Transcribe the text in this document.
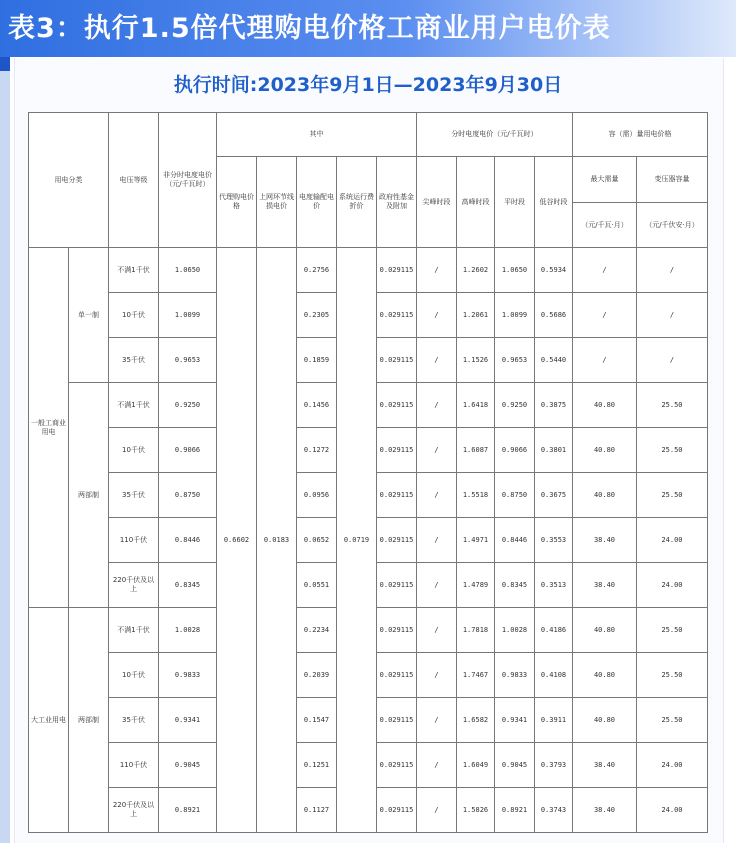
表3：执行1.5倍代理购电价格工商业用户电价表
执行时间:2023年9月1日—2023年9月30日
用电分类		电压等级	非分时电度电价（元/千瓦时）	其中					分时电度电价（元/千瓦时）				容（需）量用电价格	
				代理购电价格	上网环节线损电价	电度输配电价	系统运行费折价	政府性基金及附加	尖峰时段	高峰时段	平时段	低谷时段	最大需量	变压器容量
													（元/千瓦·月）	（元/千伏安·月）
一般工商业用电	单一制	不满1千伏	1.0650	0.6602	0.0183	0.2756	0.0719	0.029115	/	1.2602	1.0650	0.5934	/	/
		10千伏	1.0099			0.2305		0.029115	/	1.2061	1.0099	0.5686	/	/
		35千伏	0.9653			0.1859		0.029115	/	1.1526	0.9653	0.5440	/	/
	两部制	不满1千伏	0.9250			0.1456		0.029115	/	1.6418	0.9250	0.3875	40.80	25.50
		10千伏	0.9066			0.1272		0.029115	/	1.6087	0.9066	0.3801	40.80	25.50
		35千伏	0.8750			0.0956		0.029115	/	1.5518	0.8750	0.3675	40.80	25.50
		110千伏	0.8446			0.0652		0.029115	/	1.4971	0.8446	0.3553	38.40	24.00
		220千伏及以上	0.8345			0.0551		0.029115	/	1.4789	0.8345	0.3513	38.40	24.00
大工业用电	两部制	不满1千伏	1.0028			0.2234		0.029115	/	1.7818	1.0028	0.4186	40.80	25.50
		10千伏	0.9833			0.2039		0.029115	/	1.7467	0.9833	0.4108	40.80	25.50
		35千伏	0.9341			0.1547		0.029115	/	1.6582	0.9341	0.3911	40.80	25.50
		110千伏	0.9045			0.1251		0.029115	/	1.6049	0.9045	0.3793	38.40	24.00
		220千伏及以上	0.8921			0.1127		0.029115	/	1.5826	0.8921	0.3743	38.40	24.00
